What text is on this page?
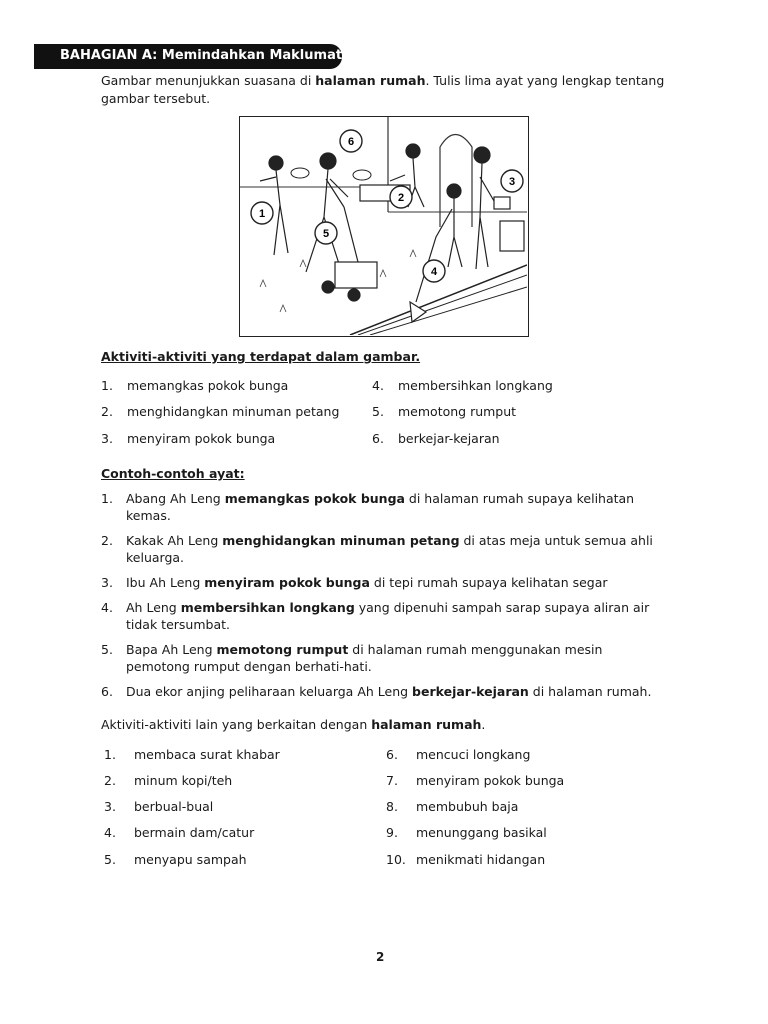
BAHAGIAN A: Memindahkan Maklumat
Gambar menunjukkan suasana di halaman rumah. Tulis lima ayat yang lengkap tentang gambar tersebut.
6
2
3
1
5
4
Aktiviti-aktiviti yang terdapat dalam gambar.
1. memangkas pokok bunga
2. menghidangkan minuman petang
3. menyiram pokok bunga
4. membersihkan longkang
5. memotong rumput
6. berkejar-kejaran
Contoh-contoh ayat:
1. Abang Ah Leng memangkas pokok bunga di halaman rumah supaya kelihatan kemas.
2. Kakak Ah Leng menghidangkan minuman petang di atas meja untuk semua ahli keluarga.
3. Ibu Ah Leng menyiram pokok bunga di tepi rumah supaya kelihatan segar
4. Ah Leng membersihkan longkang yang dipenuhi sampah sarap supaya aliran air tidak tersumbat.
5. Bapa Ah Leng memotong rumput di halaman rumah menggunakan mesin pemotong rumput dengan berhati-hati.
6. Dua ekor anjing peliharaan keluarga Ah Leng berkejar-kejaran di halaman rumah.
Aktiviti-aktiviti lain yang berkaitan dengan halaman rumah.
1. membaca surat khabar
2. minum kopi/teh
3. berbual-bual
4. bermain dam/catur
5. menyapu sampah
6. mencuci longkang
7. menyiram pokok bunga
8. membubuh baja
9. menunggang basikal
10. menikmati hidangan
2
